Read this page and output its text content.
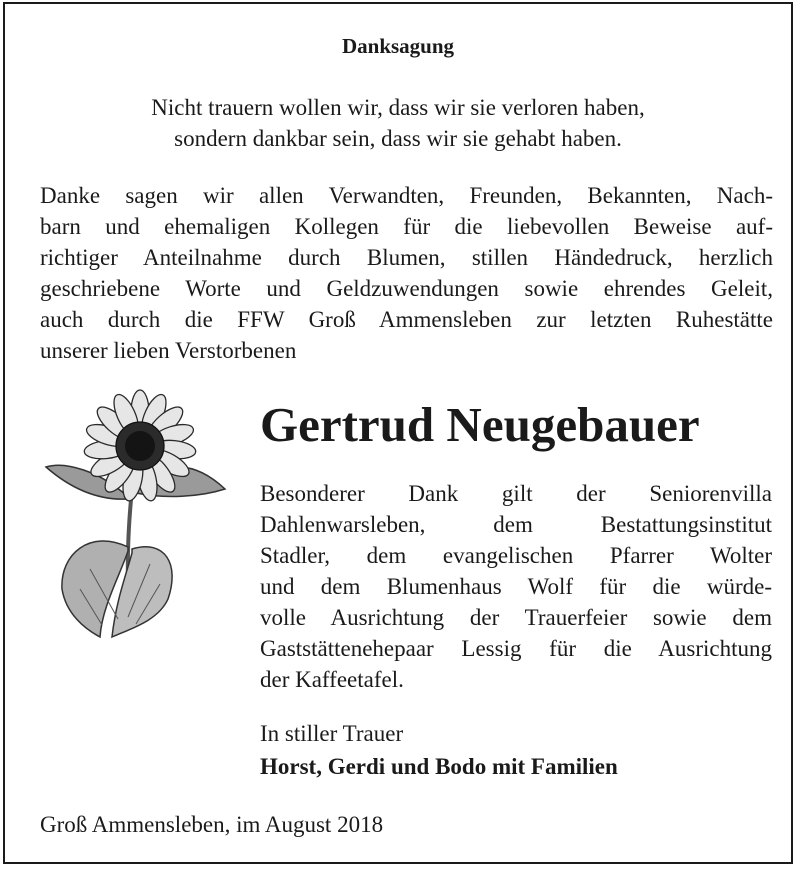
Danksagung
Nicht trauern wollen wir, dass wir sie verloren haben,
sondern dankbar sein, dass wir sie gehabt haben.
Danke sagen wir allen Verwandten, Freunden, Bekannten, Nach-
barn und ehemaligen Kollegen für die liebevollen Beweise auf-
richtiger Anteilnahme durch Blumen, stillen Händedruck, herzlich
geschriebene Worte und Geldzuwendungen sowie ehrendes Geleit,
auch durch die FFW Groß Ammensleben zur letzten Ruhestätte
unserer lieben Verstorbenen
Gertrud Neugebauer
Besonderer Dank gilt der Seniorenvilla
Dahlenwarsleben, dem Bestattungsinstitut
Stadler, dem evangelischen Pfarrer Wolter
und dem Blumenhaus Wolf für die würde-
volle Ausrichtung der Trauerfeier sowie dem
Gaststättenehepaar Lessig für die Ausrichtung
der Kaffeetafel.
In stiller Trauer
Horst, Gerdi und Bodo mit Familien
Groß Ammensleben, im August 2018
